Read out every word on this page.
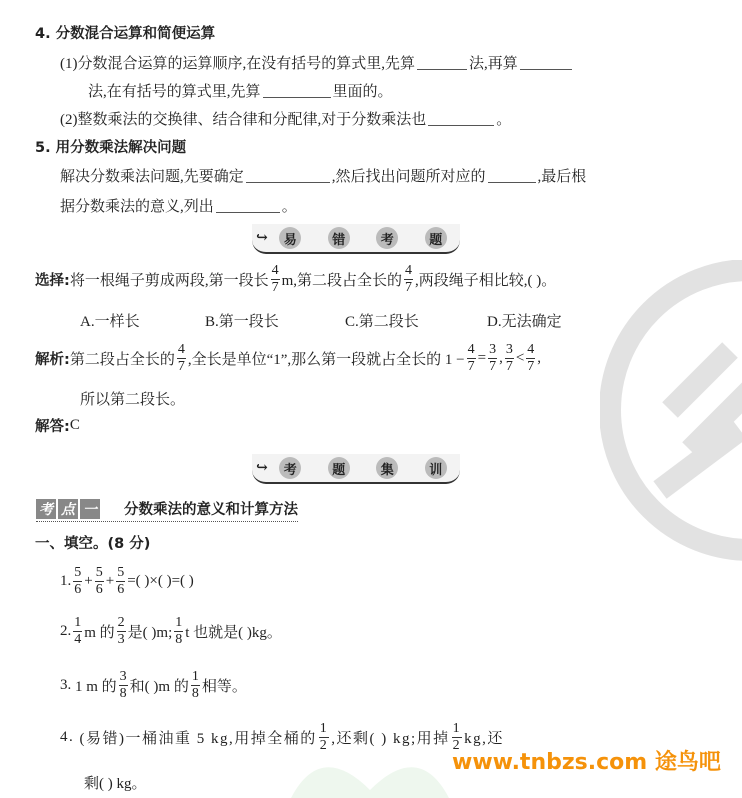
4. 分数混合运算和简便运算
(1)分数混合运算的运算顺序,在没有括号的算式里,先算	法,再算
法,在有括号的算式里,先算	里面的。
(2)整数乘法的交换律、结合律和分配律,对于分数乘法也	。
5. 用分数乘法解决问题
解决分数乘法问题,先要确定	,然后找出问题所对应的	,最后根
据分数乘法的意义,列出	。
↪	易	错	考	题
选择: 将一根绳子剪成两段,第一段长 $\frac{4}{7} m$,第二段占全长的 $\frac{4}{7}$ ,两段绳子相比较,( )。
A.一样长	B.第一段长	C.第二段长	D.无法确定
解析: 第二段占全长的 $\frac{4}{7}$ ,全长是单位“1”,那么第一段就占全长的 $1 - \frac{4}{7} = \frac{3}{7}$ , $\frac{3}{7} < \frac{4}{7}$ ,
所以第二段长。
解答: C
↪	考	题	集	训
考 点 一 分数乘法的意义和计算方法
一、填空。(8 分)
1. $\frac{5}{6} + \frac{5}{6} + \frac{5}{6}$ =( )×( )=( )
2. $\frac{1}{4}$ m 的 $\frac{2}{3}$ 是( )m; $\frac{1}{8}$ t 也就是( )kg。
3.
1 m 的 $\frac{3}{8}$ 和( )m 的 $\frac{1}{8}$ 相等。
4.
(易错)一桶油重 5 kg,用掉全桶的 $\frac{1}{2}$ ,还剩( ) kg;用掉 $\frac{1}{2}$ kg,还
剩( ) kg。
www.tnbzs.com 途鸟吧
